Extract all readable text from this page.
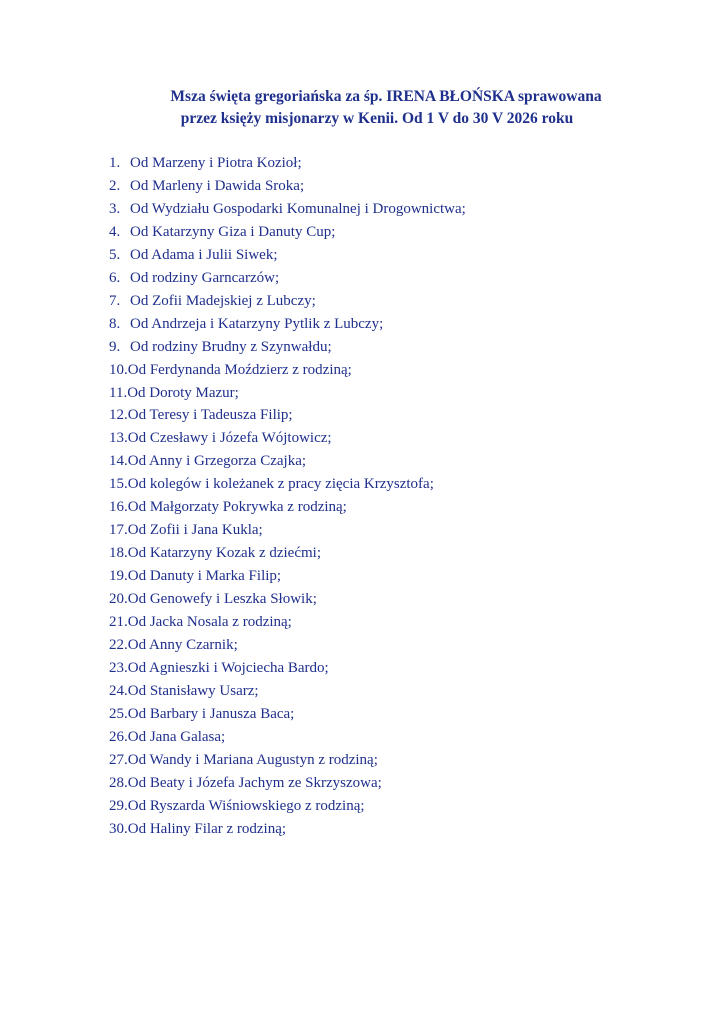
Msza święta gregoriańska za śp. IRENA BŁOŃSKA sprawowana
przez księży misjonarzy w Kenii. Od 1 V do 30 V 2026 roku
1. Od Marzeny i Piotra Kozioł;
2. Od Marleny i Dawida Sroka;
3. Od Wydziału Gospodarki Komunalnej i Drogownictwa;
4. Od Katarzyny Giza i Danuty Cup;
5. Od Adama i Julii Siwek;
6. Od rodziny Garncarzów;
7. Od Zofii Madejskiej z Lubczy;
8. Od Andrzeja i Katarzyny Pytlik z Lubczy;
9. Od rodziny Brudny z Szynwałdu;
10. Od Ferdynanda Moździerz z rodziną;
11. Od Doroty Mazur;
12. Od Teresy i Tadeusza Filip;
13. Od Czesławy i Józefa Wójtowicz;
14. Od Anny i Grzegorza Czajka;
15. Od kolegów i koleżanek z pracy zięcia Krzysztofa;
16. Od Małgorzaty Pokrywka z rodziną;
17. Od Zofii i Jana Kukla;
18. Od Katarzyny Kozak z dziećmi;
19. Od Danuty i Marka Filip;
20. Od Genowefy i Leszka Słowik;
21. Od Jacka Nosala z rodziną;
22. Od Anny Czarnik;
23. Od Agnieszki i Wojciecha Bardo;
24. Od Stanisławy Usarz;
25. Od Barbary i Janusza Baca;
26. Od Jana Galasa;
27. Od Wandy i Mariana Augustyn z rodziną;
28. Od Beaty i Józefa Jachym ze Skrzyszowa;
29. Od Ryszarda Wiśniowskiego z rodziną;
30. Od Haliny Filar z rodziną;
